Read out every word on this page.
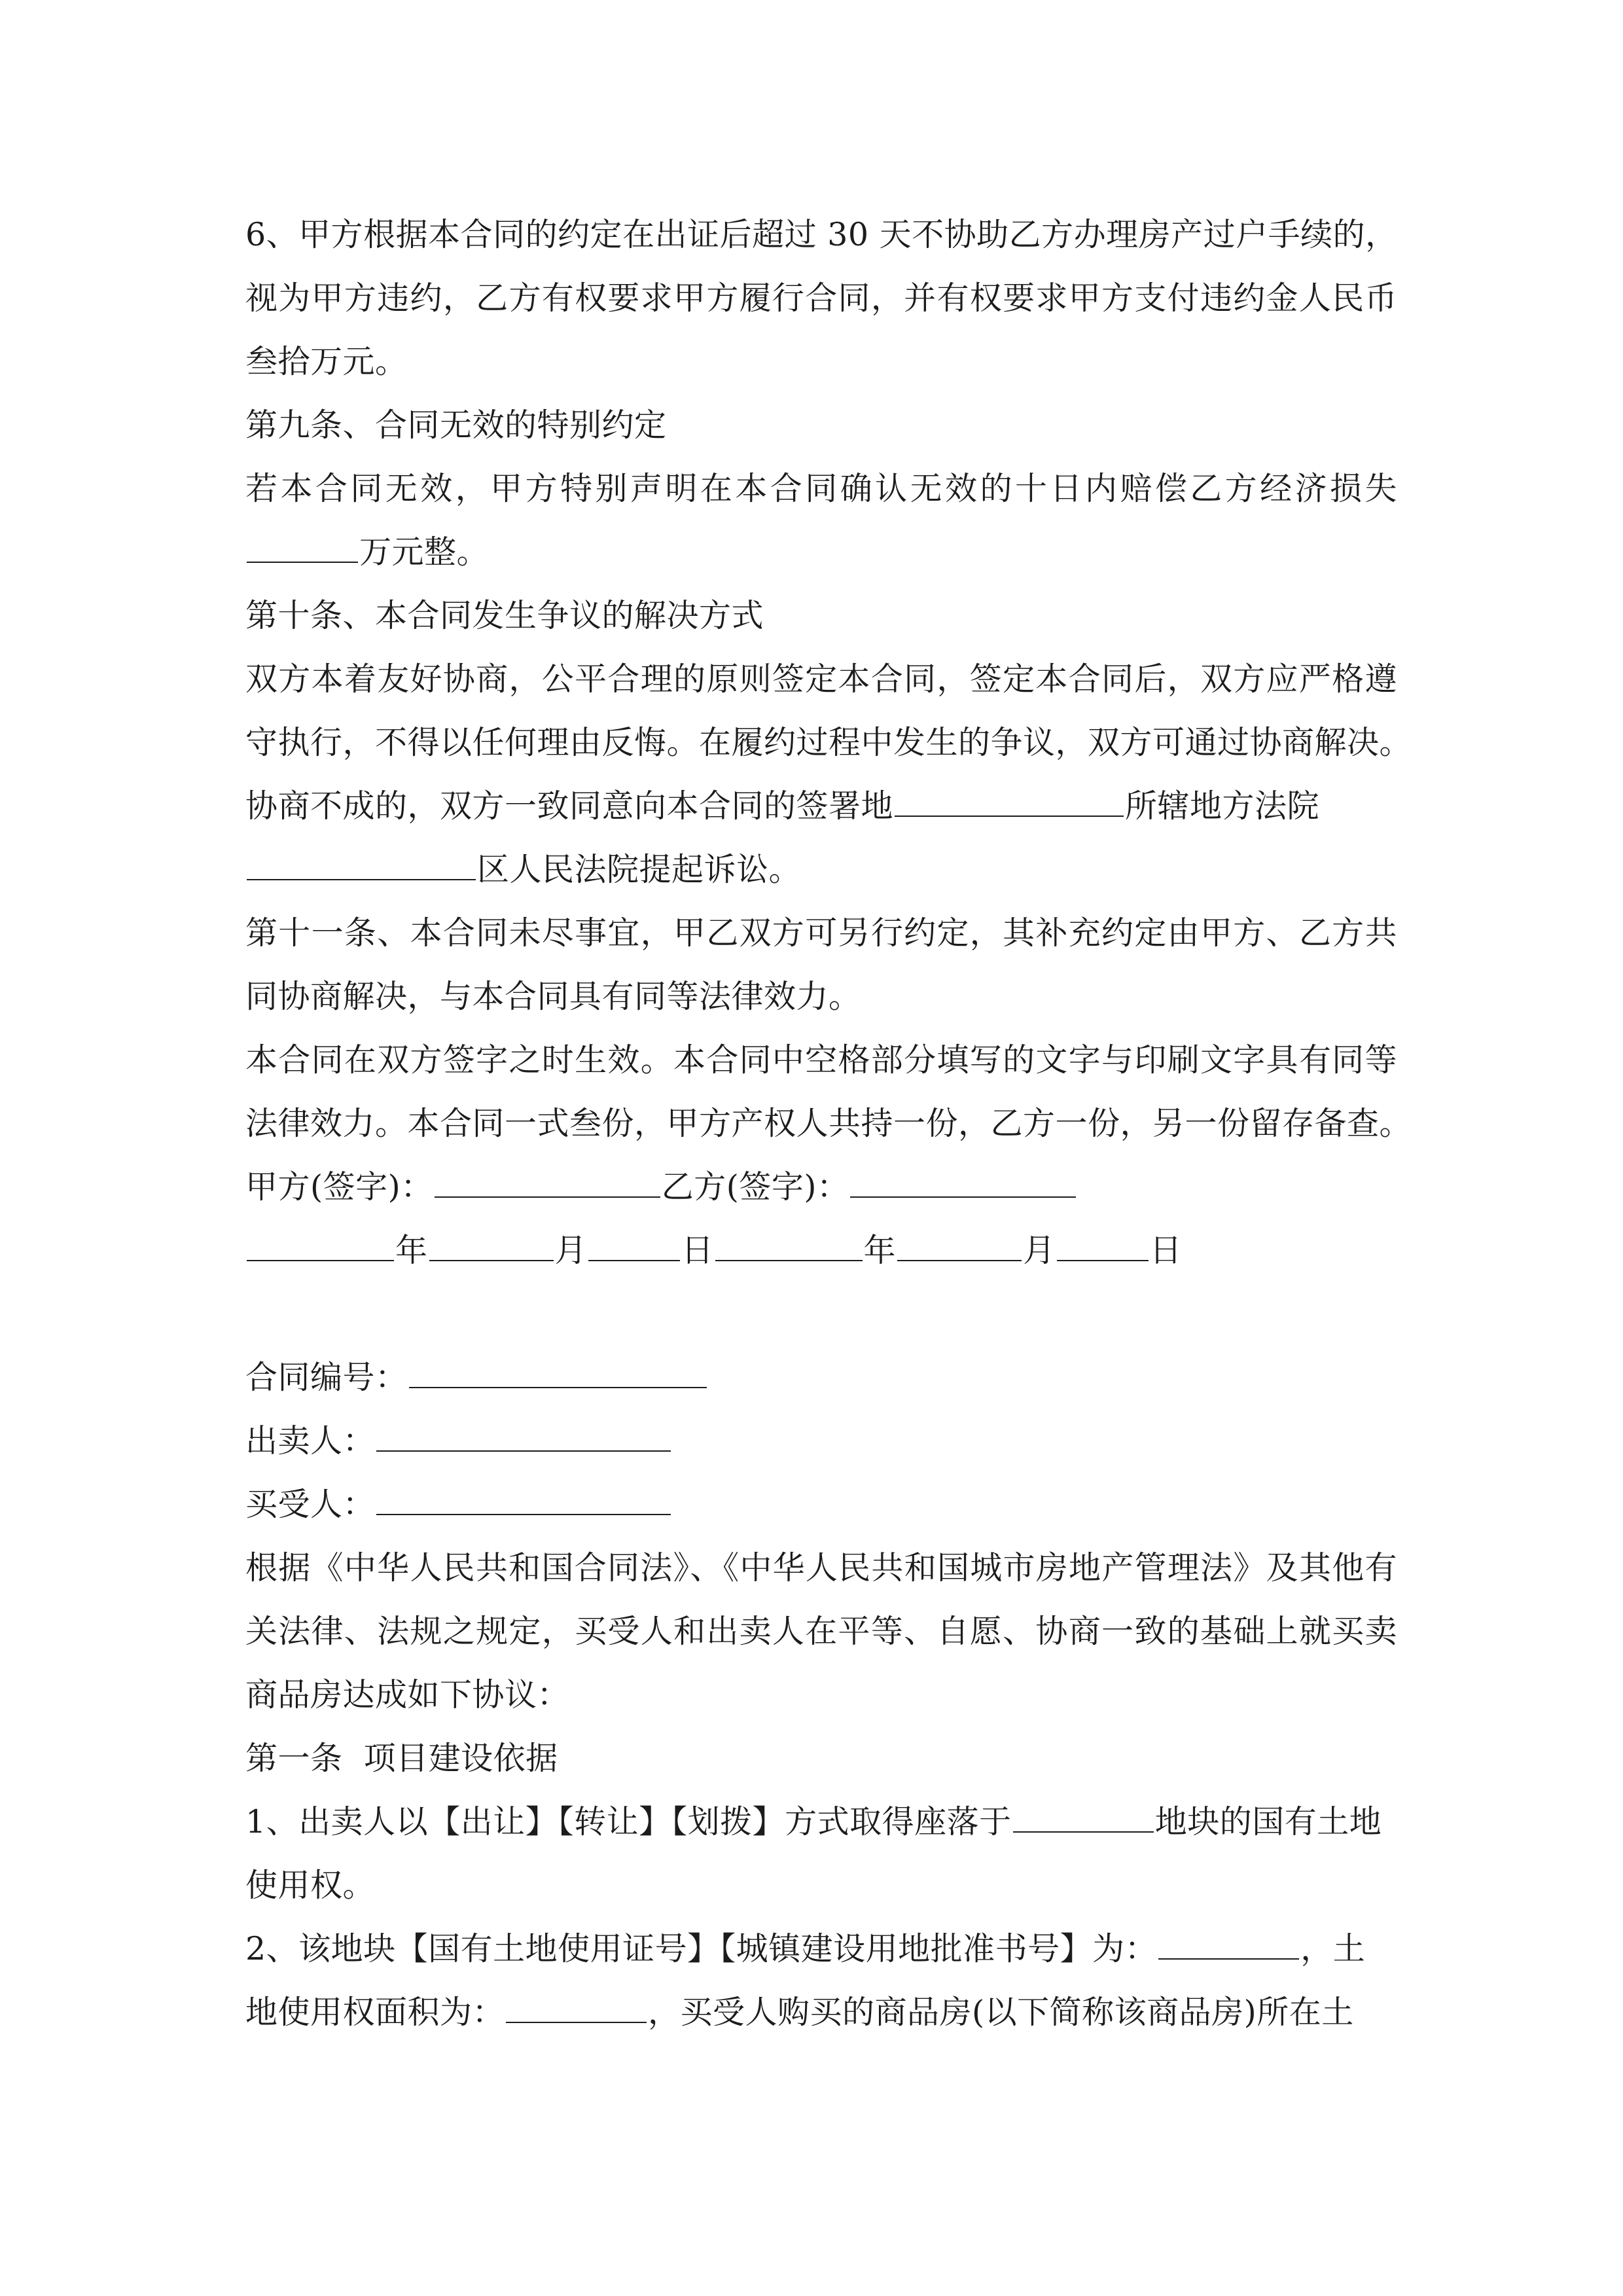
6、甲方根据本合同的约定在出证后超过 30 天不协助乙方办理房产过户手续的，
视为甲方违约，乙方有权要求甲方履行合同，并有权要求甲方支付违约金人民币
叁拾万元。
第九条、合同无效的特别约定
若本合同无效，甲方特别声明在本合同确认无效的十日内赔偿乙方经济损失
万元整。
第十条、本合同发生争议的解决方式
双方本着友好协商，公平合理的原则签定本合同，签定本合同后，双方应严格遵
守执行，不得以任何理由反悔。在履约过程中发生的争议，双方可通过协商解决。
协商不成的，双方一致同意向本合同的签署地	所辖地方法院
区人民法院提起诉讼。
第十一条、本合同未尽事宜，甲乙双方可另行约定，其补充约定由甲方、乙方共
同协商解决，与本合同具有同等法律效力。
本合同在双方签字之时生效。本合同中空格部分填写的文字与印刷文字具有同等
法律效力。本合同一式叁份，甲方产权人共持一份，乙方一份，另一份留存备查。
甲方(签字)：	乙方(签字)：
年	月	日	年	月	日
合同编号：
出卖人：
买受人：
根据《中华人民共和国合同法》、《中华人民共和国城市房地产管理法》及其他有
关法律、法规之规定，买受人和出卖人在平等、自愿、协商一致的基础上就买卖
商品房达成如下协议：
第一条  项目建设依据
1、出卖人以【出让】【转让】【划拨】方式取得座落于	地块的国有土地
使用权。
2、该地块【国有土地使用证号】【城镇建设用地批准书号】为：	，土
地使用权面积为：	，买受人购买的商品房(以下简称该商品房)所在土
